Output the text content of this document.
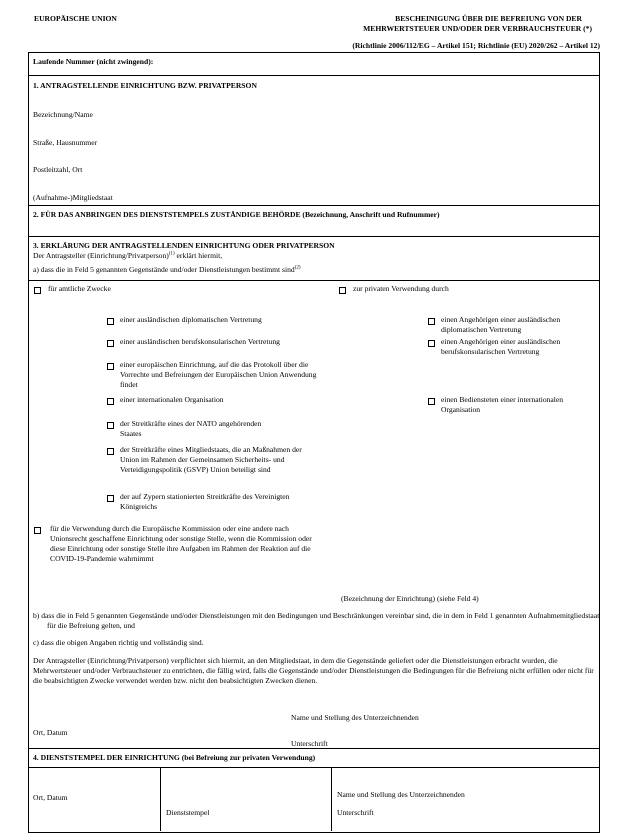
EUROPÄISCHE UNION	BESCHEINIGUNG ÜBER DIE BEFREIUNG VON DER
MEHRWERTSTEUER UND/ODER DER VERBRAUCHSTEUER (*)
(Richtlinie 2006/112/EG – Artikel 151; Richtlinie (EU) 2020/262 – Artikel 12)
Laufende Nummer (nicht zwingend):
1. ANTRAGSTELLENDE EINRICHTUNG BZW. PRIVATPERSON
Bezeichnung/Name
Straße, Hausnummer
Postleitzahl, Ort
(Aufnahme-)Mitgliedstaat
2. FÜR DAS ANBRINGEN DES DIENSTSTEMPELS ZUSTÄNDIGE BEHÖRDE (Bezeichnung, Anschrift und Rufnummer)
3. ERKLÄRUNG DER ANTRAGSTELLENDEN EINRICHTUNG ODER PRIVATPERSON
Der Antragsteller (Einrichtung/Privatperson)$^{(1)}$ erklärt hiermit,
a) dass die in Feld 5 genannten Gegenstände und/oder Dienstleistungen bestimmt sind$^{(2)}$
für amtliche Zwecke	zur privaten Verwendung durch
einer ausländischen diplomatischen Vertretung
einer ausländischen berufskonsularischen Vertretung
einer europäischen Einrichtung, auf die das Protokoll über die Vorrechte und Befreiungen der Europäischen Union Anwendung findet
einer internationalen Organisation
der Streitkräfte eines der NATO angehörenden Staates
der Streitkräfte eines Mitgliedstaats, die an Maßnahmen der Union im Rahmen der Gemeinsamen Sicherheits- und Verteidigungspolitik (GSVP) Union beteiligt sind
der auf Zypern stationierten Streitkräfte des Vereinigten Königreichs
einen Angehörigen einer ausländischen diplomatischen Vertretung
einen Angehörigen einer ausländischen berufskonsularischen Vertretung
einen Bediensteten einer internationalen Organisation
für die Verwendung durch die Europäische Kommission oder eine andere nach Unionsrecht geschaffene Einrichtung oder sonstige Stelle, wenn die Kommission oder diese Einrichtung oder sonstige Stelle ihre Aufgaben im Rahmen der Reaktion auf die COVID-19-Pandemie wahrnimmt
(Bezeichnung der Einrichtung) (siehe Feld 4)
b) dass die in Feld 5 genannten Gegenstände und/oder Dienstleistungen mit den Bedingungen und Beschränkungen vereinbar sind, die in dem in Feld 1 genannten Aufnahmemitgliedstaat für die Befreiung gelten, und
c) dass die obigen Angaben richtig und vollständig sind.
Der Antragsteller (Einrichtung/Privatperson) verpflichtet sich hiermit, an den Mitgliedstaat, in dem die Gegenstände geliefert oder die Dienstleistungen erbracht wurden, die Mehrwertsteuer und/oder Verbrauchsteuer zu entrichten, die fällig wird, falls die Gegenstände und/oder Dienstleistungen die Bedingungen für die Befreiung nicht erfüllen oder nicht für die beabsichtigten Zwecke verwendet werden bzw. nicht den beabsichtigten Zwecken dienen.
Name und Stellung des Unterzeichnenden
Ort, Datum
Unterschrift
4. DIENSTSTEMPEL DER EINRICHTUNG (bei Befreiung zur privaten Verwendung)
Ort, Datum
Dienststempel
Name und Stellung des Unterzeichnenden
Unterschrift
